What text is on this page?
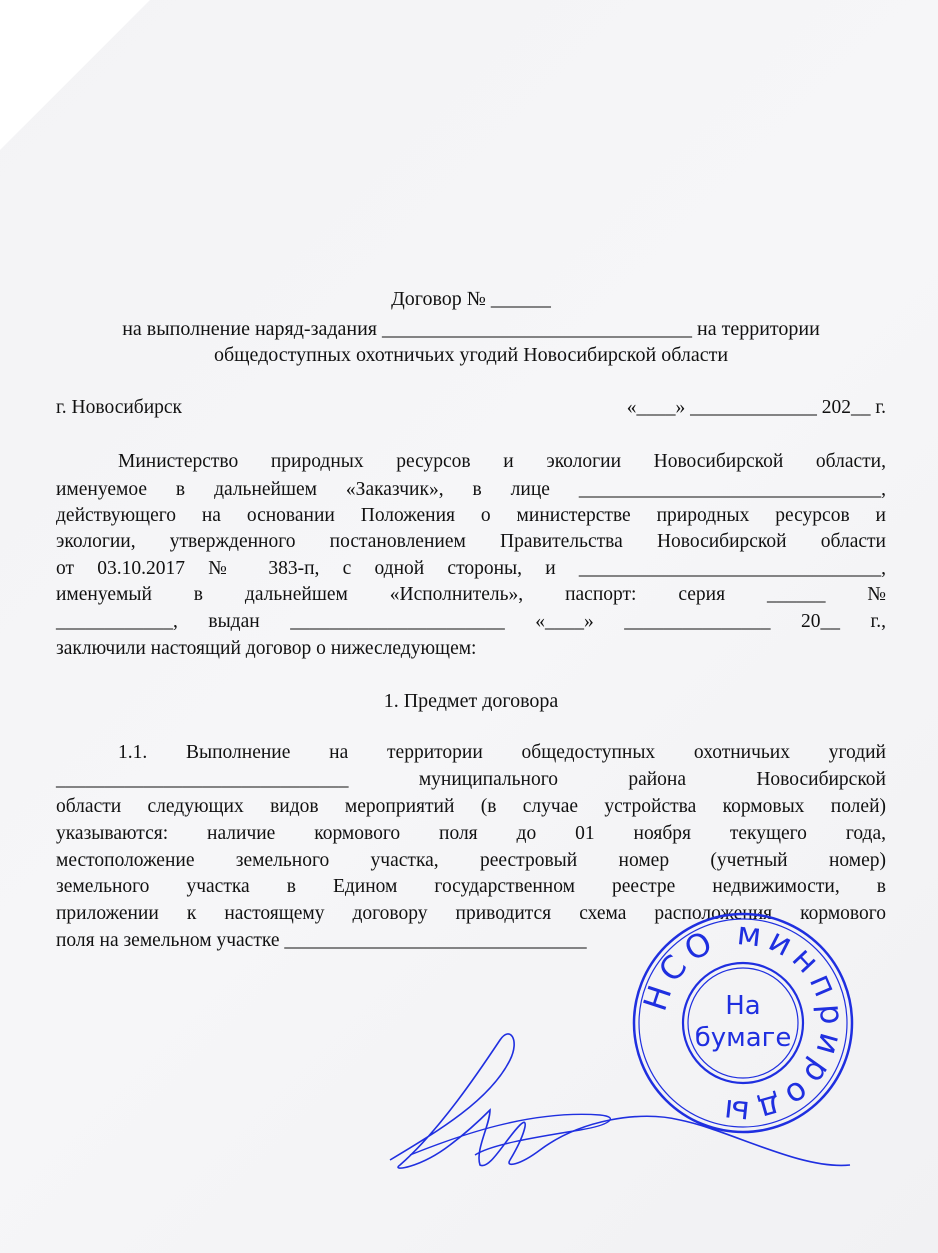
Договор № ______
на выполнение наряд-задания _______________________________ на территории
общедоступных охотничьих угодий Новосибирской области
г. Новосибирск	«____» _____________ 202__ г.
Министерство природных ресурсов и экологии Новосибирской области,
именуемое в дальнейшем «Заказчик», в лице _______________________________,
действующего на основании Положения о министерстве природных ресурсов и
экологии, утвержденного постановлением Правительства Новосибирской области
от 03.10.2017 № 383-п, с одной стороны, и _______________________________,
именуемый в дальнейшем «Исполнитель», паспорт: серия ______ №
____________, выдан ______________________ «____» _______________ 20__ г.,
заключили настоящий договор о нижеследующем:
1. Предмет договора
1.1. Выполнение на территории общедоступных охотничьих угодий
______________________________ муниципального района Новосибирской
области следующих видов мероприятий (в случае устройства кормовых полей)
указываются: наличие кормового поля до 01 ноября текущего года,
местоположение земельного участка, реестровый номер (учетный номер)
земельного участка в Едином государственном реестре недвижимости, в
приложении к настоящему договору приводится схема расположения кормового
поля на земельном участке _______________________________
НСО минприроды
На
бумаге
